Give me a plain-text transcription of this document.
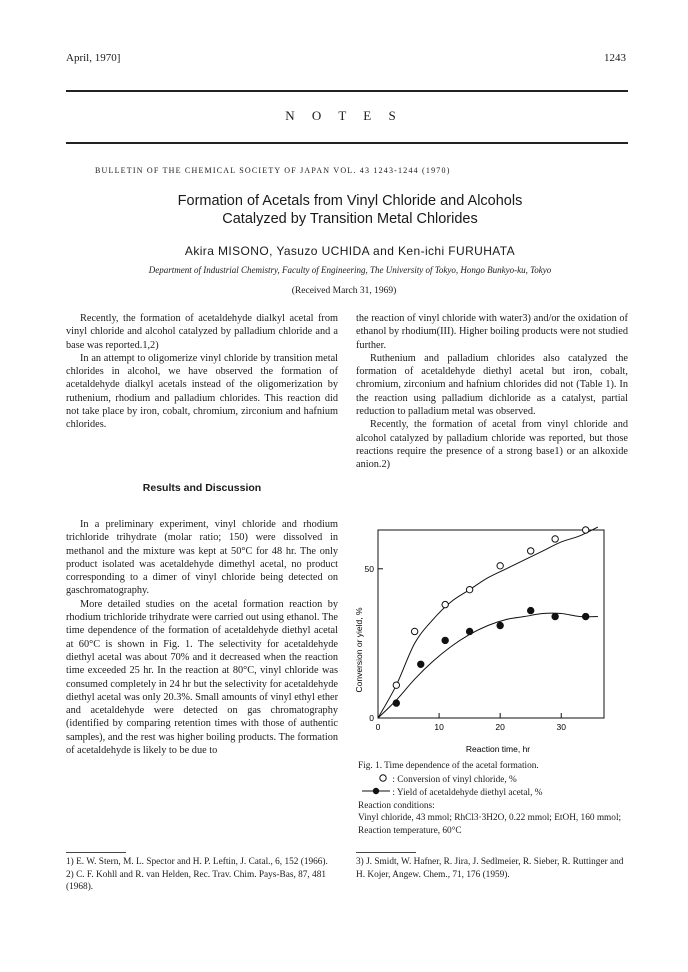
April, 1970]	1243
N O T E S
BULLETIN OF THE CHEMICAL SOCIETY OF JAPAN VOL. 43 1243-1244 (1970)
Formation of Acetals from Vinyl Chloride and Alcohols
Catalyzed by Transition Metal Chlorides
Akira MISONO, Yasuzo UCHIDA and Ken-ichi FURUHATA
Department of Industrial Chemistry, Faculty of Engineering, The University of Tokyo, Hongo Bunkyo-ku, Tokyo
(Received March 31, 1969)

Recently, the formation of acetaldehyde dialkyl acetal from vinyl chloride and alcohol catalyzed by palladium chloride and a base was reported.1,2)

In an attempt to oligomerize vinyl chloride by transition metal chlorides in alcohol, we have observed the formation of acetaldehyde dialkyl acetals instead of the oligomerization by ruthenium, rhodium and palladium chlorides. This reaction did not take place by iron, cobalt, chromium, zirconium and hafnium chlorides.

Results and Discussion

In a preliminary experiment, vinyl chloride and rhodium trichloride trihydrate (molar ratio; 150) were dissolved in methanol and the mixture was kept at 50°C for 48 hr. The only product isolated was acetaldehyde dimethyl acetal, no product corresponding to a dimer of vinyl chloride being detected on gaschromatography.

More detailed studies on the acetal formation reaction by rhodium trichloride trihydrate were carried out using ethanol. The time dependence of the formation of acetaldehyde diethyl acetal at 60°C is shown in Fig. 1. The selectivity for acetaldehyde diethyl acetal was about 70% and it decreased when the reaction time exceeded 25 hr. In the reaction at 80°C, vinyl chloride was consumed completely in 24 hr but the selectivity for acetaldehyde diethyl acetal was only 20.3%. Small amounts of vinyl ethyl ether and acetaldehyde were detected on gas chromatography (identified by comparing retention times with those of authentic samples), and the rest was higher boiling products. The formation of acetaldehyde is likely to be due to

the reaction of vinyl chloride with water3) and/or the oxidation of ethanol by rhodium(III). Higher boiling products were not studied further.

Ruthenium and palladium chlorides also catalyzed the formation of acetaldehyde diethyl acetal but iron, cobalt, chromium, zirconium and hafnium chlorides did not (Table 1). In the reaction using palladium dichloride as a catalyst, partial reduction to palladium metal was observed.

Recently, the formation of acetal from vinyl chloride and alcohol catalyzed by palladium chloride was reported, but those reactions require the presence of a strong base1) or an alkoxide anion.2)

0	10	20	30
0
50
Conversion or yield, %
Reaction time, hr

Fig. 1. Time dependence of the acetal formation.

: Conversion of vinyl chloride, %

: Yield of acetaldehyde diethyl acetal, %

Reaction conditions:

Vinyl chloride, 43 mmol; RhCl3·3H2O, 0.22 mmol; EtOH, 160 mmol; Reaction temperature, 60°C

1) E. W. Stern, M. L. Spector and H. P. Leftin, J. Catal., 6, 152 (1966).

2) C. F. Kohll and R. van Helden, Rec. Trav. Chim. Pays-Bas, 87, 481 (1968).

3) J. Smidt, W. Hafner, R. Jira, J. Sedlmeier, R. Sieber, R. Ruttinger and H. Kojer, Angew. Chem., 71, 176 (1959).
